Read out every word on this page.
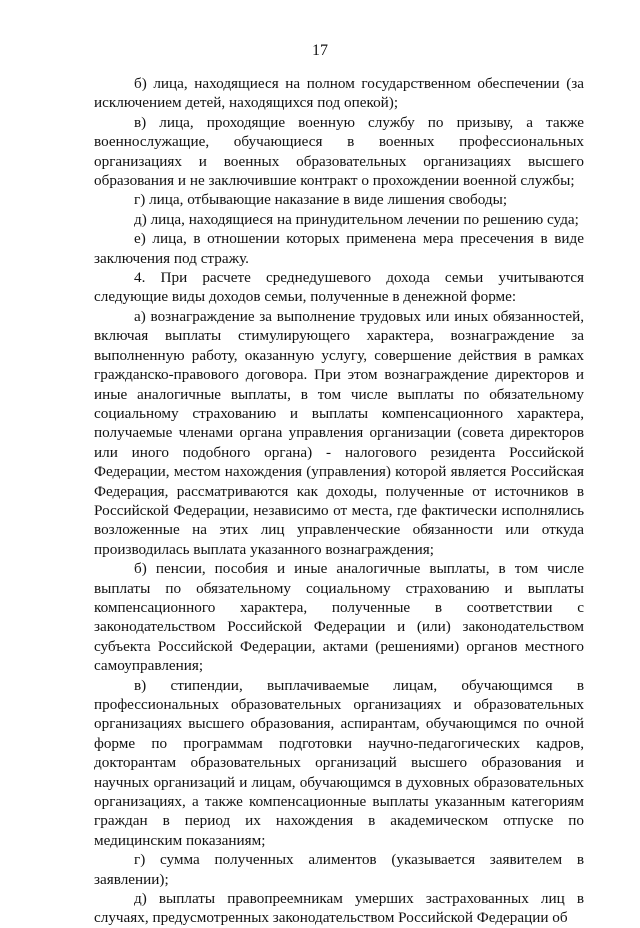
17

б) лица, находящиеся на полном государственном обеспечении (за исключением детей, находящихся под опекой);

в) лица, проходящие военную службу по призыву, а также военнослужащие, обучающиеся в военных профессиональных организациях и военных образовательных организациях высшего образования и не заключившие контракт о прохождении военной службы;

г) лица, отбывающие наказание в виде лишения свободы;

д) лица, находящиеся на принудительном лечении по решению суда;

е) лица, в отношении которых применена мера пресечения в виде заключения под стражу.

4. При расчете среднедушевого дохода семьи учитываются следующие виды доходов семьи, полученные в денежной форме:

а) вознаграждение за выполнение трудовых или иных обязанностей, включая выплаты стимулирующего характера, вознаграждение за выполненную работу, оказанную услугу, совершение действия в рамках гражданско-правового договора. При этом вознаграждение директоров и иные аналогичные выплаты, в том числе выплаты по обязательному социальному страхованию и выплаты компенсационного характера, получаемые членами органа управления организации (совета директоров или иного подобного органа) - налогового резидента Российской Федерации, местом нахождения (управления) которой является Российская Федерация, рассматриваются как доходы, полученные от источников в Российской Федерации, независимо от места, где фактически исполнялись возложенные на этих лиц управленческие обязанности или откуда производилась выплата указанного вознаграждения;

б) пенсии, пособия и иные аналогичные выплаты, в том числе выплаты по обязательному социальному страхованию и выплаты компенсационного характера, полученные в соответствии с законодательством Российской Федерации и (или) законодательством субъекта Российской Федерации, актами (решениями) органов местного самоуправления;

в) стипендии, выплачиваемые лицам, обучающимся в профессиональных образовательных организациях и образовательных организациях высшего образования, аспирантам, обучающимся по очной форме по программам подготовки научно-педагогических кадров, докторантам образовательных организаций высшего образования и научных организаций и лицам, обучающимся в духовных образовательных организациях, а также компенсационные выплаты указанным категориям граждан в период их нахождения в академическом отпуске по медицинским показаниям;

г) сумма полученных алиментов (указывается заявителем в заявлении);

д) выплаты правопреемникам умерших застрахованных лиц в случаях, предусмотренных законодательством Российской Федерации об
